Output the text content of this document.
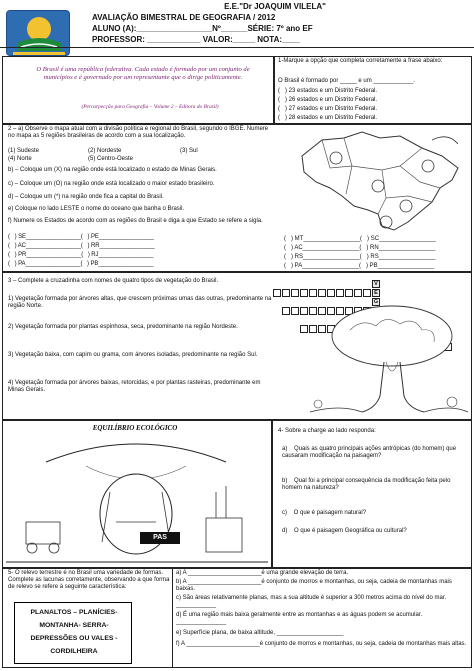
E.E."Dr JOAQUIM VILELA"
AVALIAÇÃO BIMESTRAL DE GEOGRAFIA / 2012
ALUNO (A):_________________Nº______SÉRIE: 7º ano EF
PROFESSOR: ____________ VALOR:_____ NOTA:____
O Brasil é uma república federativa. Cada estado é formado por um conjunto de municípios e é governado por um representante que o dirige politicamente.
(Percurpecção para Geografia – Volume 2 – Editora do Brasil)
1-Marque a opção que completa corretamente a frase abaixo:
O Brasil é formado por _____ e um ____________.
(   ) 23 estados e um Distrito Federal.
(   ) 26 estados e um Distrito Federal.
(   ) 27 estados e um Distrito Federal.
(   ) 28 estados e um Distrito Federal.
2 – a) Observe o mapa atual com a divisão política e regional do Brasil, segundo o IBGE. Numere no mapa as 5 regiões brasileiras de acordo com a sua localização.
(1) Sudeste	(2) Nordeste	(3) Sul
(4) Norte	(5) Centro-Oeste
b) – Coloque um (X) na região onde está localizado o estado de Minas Gerais.
c) – Coloque um (O) na região onde está localizado o maior estado brasileiro.
d) – Coloque um (*) na região onde fica a capital do Brasil.
e) Coloque no lado LESTE o nome do oceano que banha o Brasil.
f) Numere os Estados de acordo com as regiões do Brasil e diga a que Estado se refere a sigla.
(   ) SE_________________(   ) PE_________________
(   ) AC_________________(   ) RR_________________
(   ) PR_________________(   ) RJ_________________
(   ) PA_________________(   ) PB_________________
(   ) MT_________________(   ) SC_________________
(   ) AC_________________(   ) RN_________________
(   ) RS_________________(   ) RS_________________
(   ) PA_________________(   ) PB_________________
3 – Complete a cruzadinha com nomes de quatro tipos de vegetação do Brasil.
1) Vegetação formada por árvores altas, que crescem próximas umas das outras, predominante na região Norte.
2) Vegetação formada por plantas espinhosa, seca, predominante na região Nordeste.
3) Vegetação baixa, com capim ou grama, com árvores isoladas, predominante na região Sul.
4) Vegetação formada por árvores baixas, retorcidas, e por plantas rasteiras, predominante em Minas Gerais.
V
E
G
EQUILÍBRIO ECOLÓGICO
PAS
4- Sobre a charge ao lado responda:
a)    Quais as quatro principais ações antrópicas (do homem) que causaram modificação na paisagem?
b)    Qual foi a principal consequência da modificação feita pelo homem na natureza?
c)    O que é paisagem natural?
d)    O que é paisagem Geográfica ou cultural?
5- O relevo terrestre é no Brasil uma variedade de formas. Complete as lacunas corretamente, observando a que forma de relevo se refere à seguinte característica:
PLANALTOS – PLANÍCIES-
MONTANHA- SERRA-
DEPRESSÕES OU VALES -
CORDILHEIRA
a) A ______________________é uma grande elevação de terra.
b) A ______________________é conjunto de morros e montanhas, ou seja, cadeia de montanhas mais baixas.
c) São áreas relativamente planas, mas a sua altitude é superior a 300 metros acima do nível do mar. ____________
d) É uma região mais baixa geralmente entre as montanhas e as águas podem se acumular. _______________
e) Superfície plana, de baixa altitude, ____________________
f) A ______________________é conjunto de morros e montanhas, ou seja, cadeia de montanhas mais altas.
